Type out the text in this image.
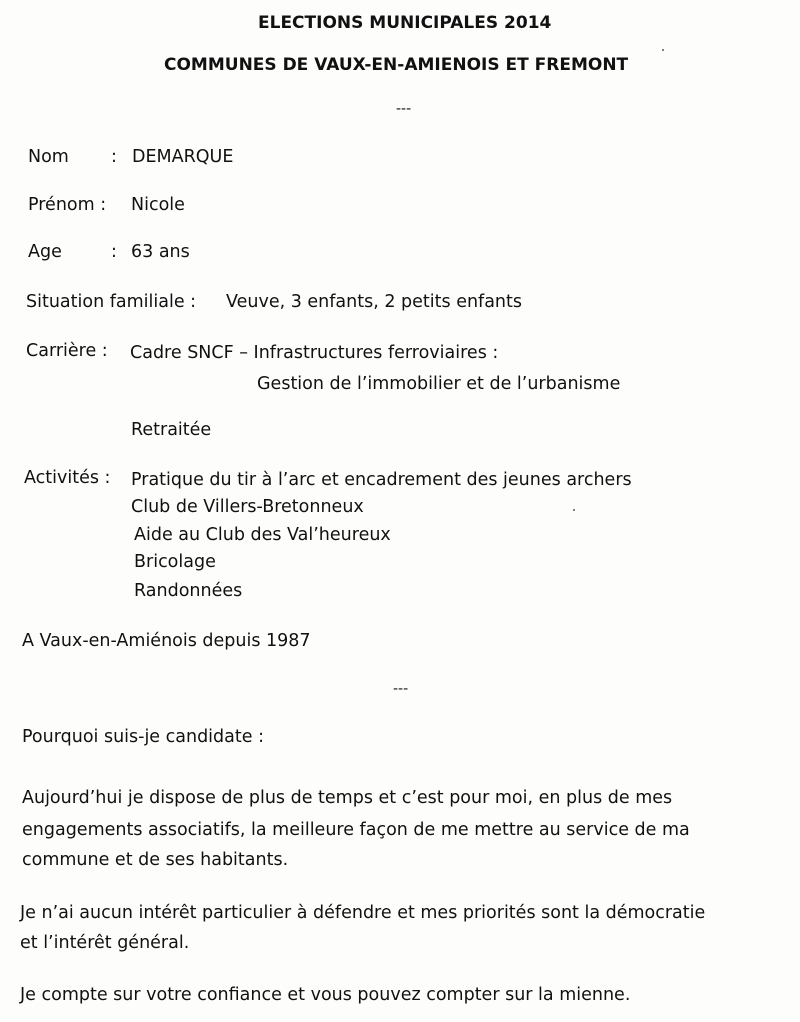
ELECTIONS MUNICIPALES 2014
COMMUNES DE VAUX-EN-AMIENOIS ET FREMONT
---
Nom : DEMARQUE
Prénom : Nicole
Age	: 63 ans
Situation familiale : Veuve, 3 enfants, 2 petits enfants
Carrière : Cadre SNCF – Infrastructures ferroviaires :
Gestion de l’immobilier et de l’urbanisme
Retraitée
Activités : Pratique du tir à l’arc et encadrement des jeunes archers
Club de Villers-Bretonneux
Aide au Club des Val’heureux
Bricolage
Randonnées
A Vaux-en-Amiénois depuis 1987
---
Pourquoi suis-je candidate :
Aujourd’hui je dispose de plus de temps et c’est pour moi, en plus de mes
engagements associatifs, la meilleure façon de me mettre au service de ma
commune et de ses habitants.
Je n’ai aucun intérêt particulier à défendre et mes priorités sont la démocratie
et l’intérêt général.
Je compte sur votre confiance et vous pouvez compter sur la mienne.
